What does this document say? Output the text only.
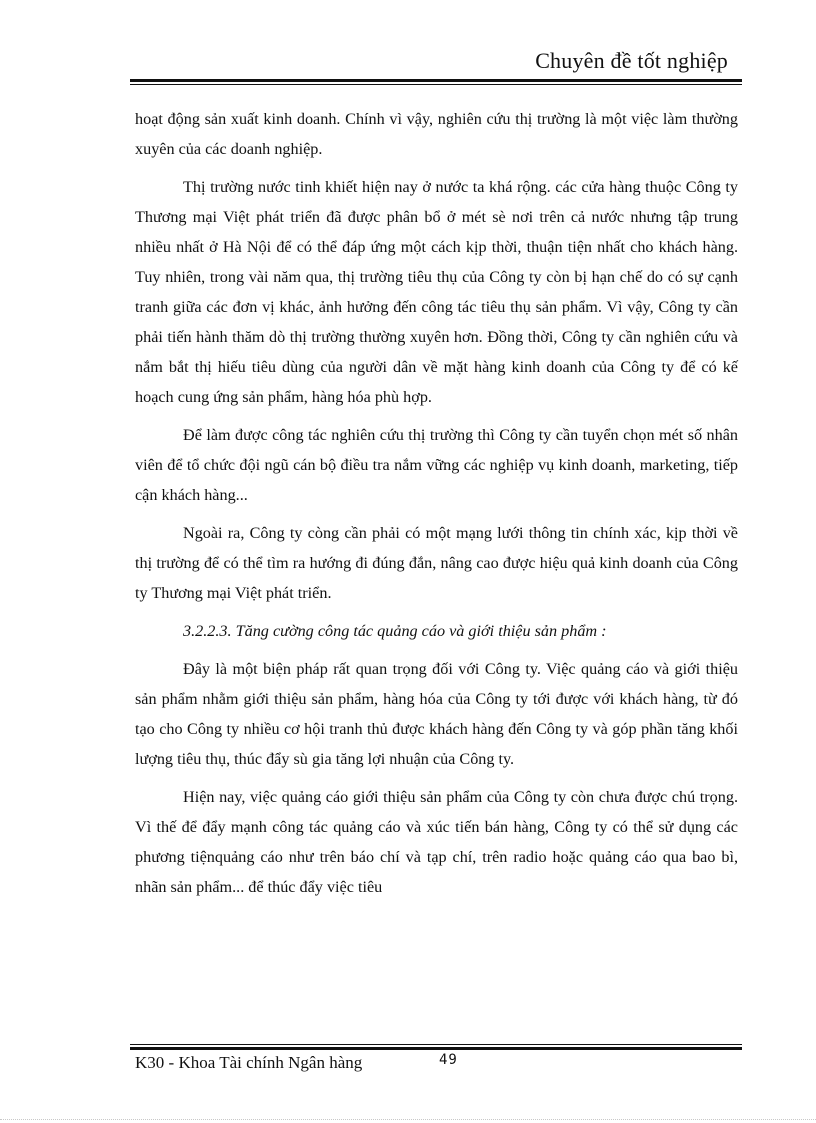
Chuyên đề tốt nghiệp

hoạt động sản xuất kinh doanh. Chính vì vậy, nghiên cứu thị trường là một việc làm thường xuyên của các doanh nghiệp.

Thị trường nước tinh khiết hiện nay ở nước ta khá rộng. các cửa hàng thuộc Công ty Thương mại Việt phát triển đã được phân bổ ở mét sè nơi trên cả nước nhưng tập trung nhiều nhất ở Hà Nội để có thể đáp ứng một cách kịp thời, thuận tiện nhất cho khách hàng. Tuy nhiên, trong vài năm qua, thị trường tiêu thụ của Công ty còn bị hạn chế do có sự cạnh tranh giữa các đơn vị khác, ảnh hưởng đến công tác tiêu thụ sản phẩm. Vì vậy, Công ty cần phải tiến hành thăm dò thị trường thường xuyên hơn. Đồng thời, Công ty cần nghiên cứu và nắm bắt thị hiếu tiêu dùng của người dân về mặt hàng kinh doanh của Công ty để có kế hoạch cung ứng sản phẩm, hàng hóa phù hợp.

Để làm được công tác nghiên cứu thị trường thì Công ty cần tuyển chọn mét số nhân viên để tổ chức đội ngũ cán bộ điều tra nắm vững các nghiệp vụ kinh doanh, marketing, tiếp cận khách hàng...

Ngoài ra, Công ty còng cần phải có một mạng lưới thông tin chính xác, kịp thời về thị trường để có thể tìm ra hướng đi đúng đắn, nâng cao được hiệu quả kinh doanh của Công ty Thương mại Việt phát triển.

3.2.2.3. Tăng cường công tác quảng cáo và giới thiệu sản phẩm :

Đây là một biện pháp rất quan trọng đối với Công ty. Việc quảng cáo và giới thiệu sản phẩm nhằm giới thiệu sản phẩm, hàng hóa của Công ty tới được với khách hàng, từ đó tạo cho Công ty nhiều cơ hội tranh thủ được khách hàng đến Công ty và góp phần tăng khối lượng tiêu thụ, thúc đẩy sù gia tăng lợi nhuận của Công ty.

Hiện nay, việc quảng cáo giới thiệu sản phẩm của Công ty còn chưa được chú trọng. Vì thế để đẩy mạnh công tác quảng cáo và xúc tiến bán hàng, Công ty có thể sử dụng các phương tiệnquảng cáo như trên báo chí và tạp chí, trên radio hoặc quảng cáo qua bao bì, nhãn sản phẩm... để thúc đẩy việc tiêu

K30 - Khoa Tài chính Ngân hàng	49
